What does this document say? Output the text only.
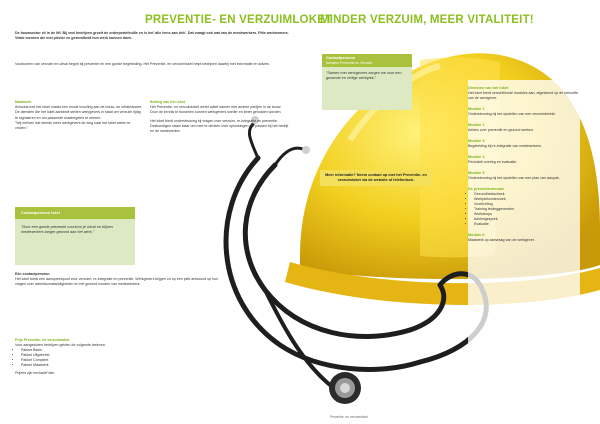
PREVENTIE- EN VERZUIMLOKET
MINDER VERZUIM, MEER VITALITEIT!
De bouwsector zit in de lift. Bij veel bedrijven groeit de orderportefeuille en is het 'alle hens aan dek'. Dat vraagt ook wat van de medewerkers. Fitte werknemers. Vitale mensen die met plezier en gezondheid hun werk kunnen doen.
Voorkomen van verzuim en uitval begint bij preventie en een goede begeleiding. Het Preventie- en verzuimloket helpt bedrijven daarbij met informatie en advies.
Maatwerk
Arbodus met het loket maakt een mooie invulling aan de bouw- en infrabranche. De diensten die het loket aanbiedt stellen werkgevers in staat om verzuim tijdig te signaleren en om passende maatregelen te nemen.
"Wij merken dat steeds meer werkgevers de weg naar het loket weten te vinden."
Belang van het loket
Het Preventie- en verzuimloket werkt actief samen met andere partijen in de bouw. Door de kennis te bundelen kunnen werkgevers sneller en beter geholpen worden.
Het loket biedt ondersteuning bij vragen over verzuim, re-integratie en preventie. Deskundigen staan klaar om mee te denken over oplossingen die passen bij het bedrijf en de medewerker.
Contactpersoon loket
"Door een goede preventie voorkom je uitval en blijven medewerkers langer gezond aan het werk."
Eén contactpersoon
Het loket biedt één aanspreekpunt voor verzuim, re-integratie en preventie. Werkgevers krijgen zo op één plek antwoord op hun vragen over arbeidsomstandigheden en het gezond houden van medewerkers.
Prijs Preventie- en verzuimloket
Voor aangesloten bedrijven gelden de volgende tarieven:
• Pakket Basis
• Pakket Uitgebreid
• Pakket Compleet
• Pakket Maatwerk
Prijzen zijn exclusief btw.
Contactpersoon
Adviseur Preventie en Verzuim
"Samen met werkgevers zorgen we voor een gezonde en veilige werkplek."
Meer informatie? Neem contact op met het Preventie- en verzuimloket via de website of telefonisch.
Diensten van het loket
Het loket biedt verschillende modules aan, afgestemd op de behoefte van de werkgever.
Module 1
Ondersteuning bij het opstellen van een verzuimbeleid.
Module 2
Advies over preventie en gezond werken.
Module 3
Begeleiding bij re-integratie van medewerkers.
Module 4
Periodiek overleg en evaluatie.
Module 5
Ondersteuning bij het opstellen van een plan van aanpak.
De preventiemodule
• Gezondheidscheck
• Werkplekonderzoek
• Voorlichting
• Training leidinggevenden
• Workshops
• Adviesgesprek
• Evaluatie
Module 6
Maatwerk op aanvraag van de werkgever.
Preventie- en verzuimloket
